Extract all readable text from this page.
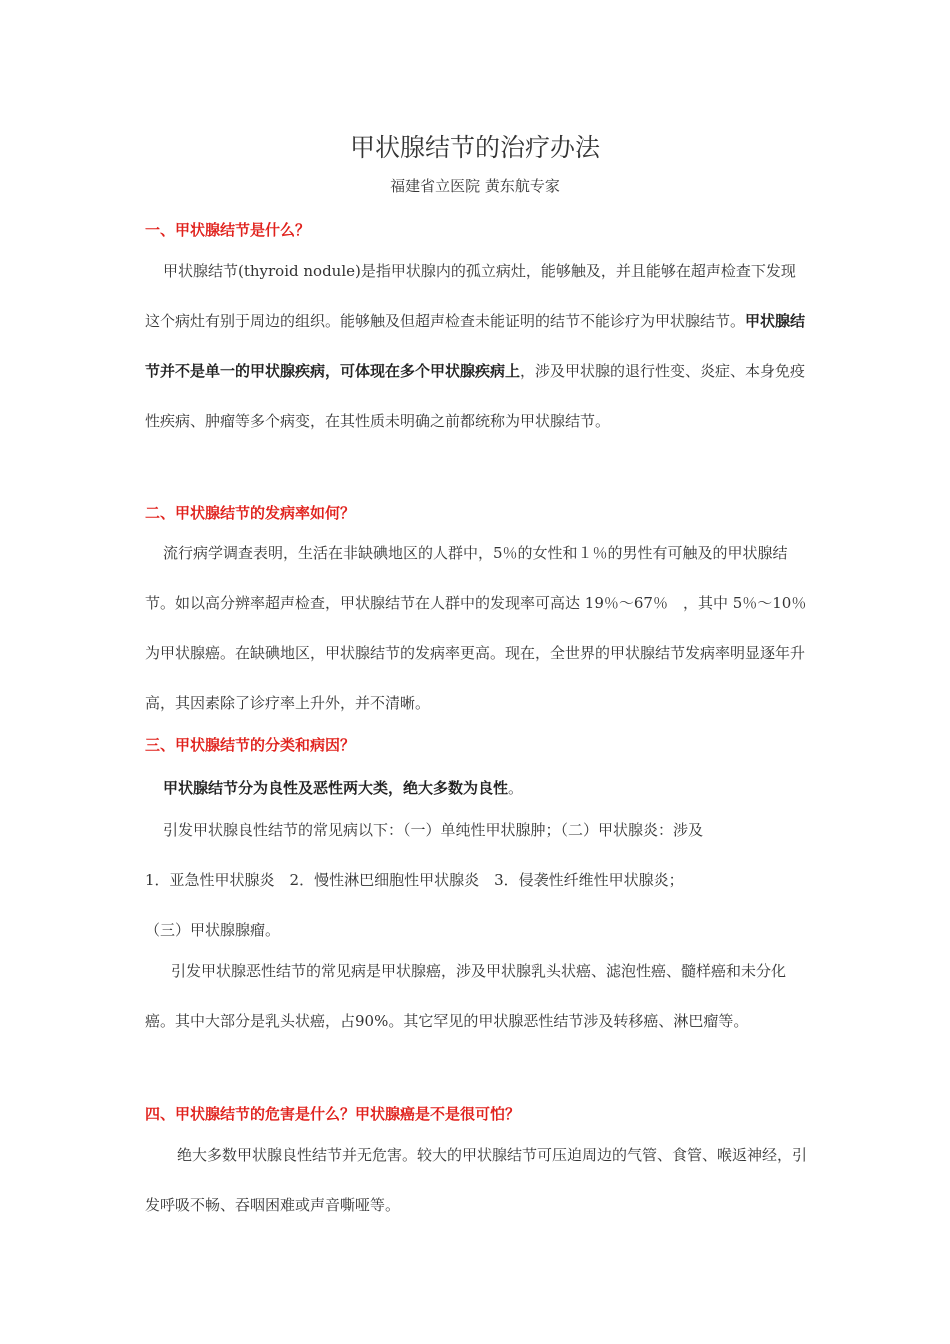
甲状腺结节的治疗办法
福建省立医院 黄东航专家
一、甲状腺结节是什么？
甲状腺结节(thyroid nodule)是指甲状腺内的孤立病灶，能够触及，并且能够在超声检查下发现这个病灶有别于周边的组织。能够触及但超声检查未能证明的结节不能诊疗为甲状腺结节。甲状腺结节并不是单一的甲状腺疾病，可体现在多个甲状腺疾病上，涉及甲状腺的退行性变、炎症、本身免疫性疾病、肿瘤等多个病变，在其性质未明确之前都统称为甲状腺结节。
二、甲状腺结节的发病率如何？
流行病学调查表明，生活在非缺碘地区的人群中，5％的女性和１％的男性有可触及的甲状腺结节。如以高分辨率超声检查，甲状腺结节在人群中的发现率可高达 19％～67％　，其中 5％～10％为甲状腺癌。在缺碘地区，甲状腺结节的发病率更高。现在，全世界的甲状腺结节发病率明显逐年升高，其因素除了诊疗率上升外，并不清晰。
三、甲状腺结节的分类和病因？
甲状腺结节分为良性及恶性两大类，绝大多数为良性。
引发甲状腺良性结节的常见病以下：（一）单纯性甲状腺肿；（二）甲状腺炎：涉及
1．亚急性甲状腺炎　2．慢性淋巴细胞性甲状腺炎　3．侵袭性纤维性甲状腺炎；
（三）甲状腺腺瘤。
引发甲状腺恶性结节的常见病是甲状腺癌，涉及甲状腺乳头状癌、滤泡性癌、髓样癌和未分化癌。其中大部分是乳头状癌，占90%。其它罕见的甲状腺恶性结节涉及转移癌、淋巴瘤等。
四、甲状腺结节的危害是什么？甲状腺癌是不是很可怕？
绝大多数甲状腺良性结节并无危害。较大的甲状腺结节可压迫周边的气管、食管、喉返神经，引发呼吸不畅、吞咽困难或声音嘶哑等。
